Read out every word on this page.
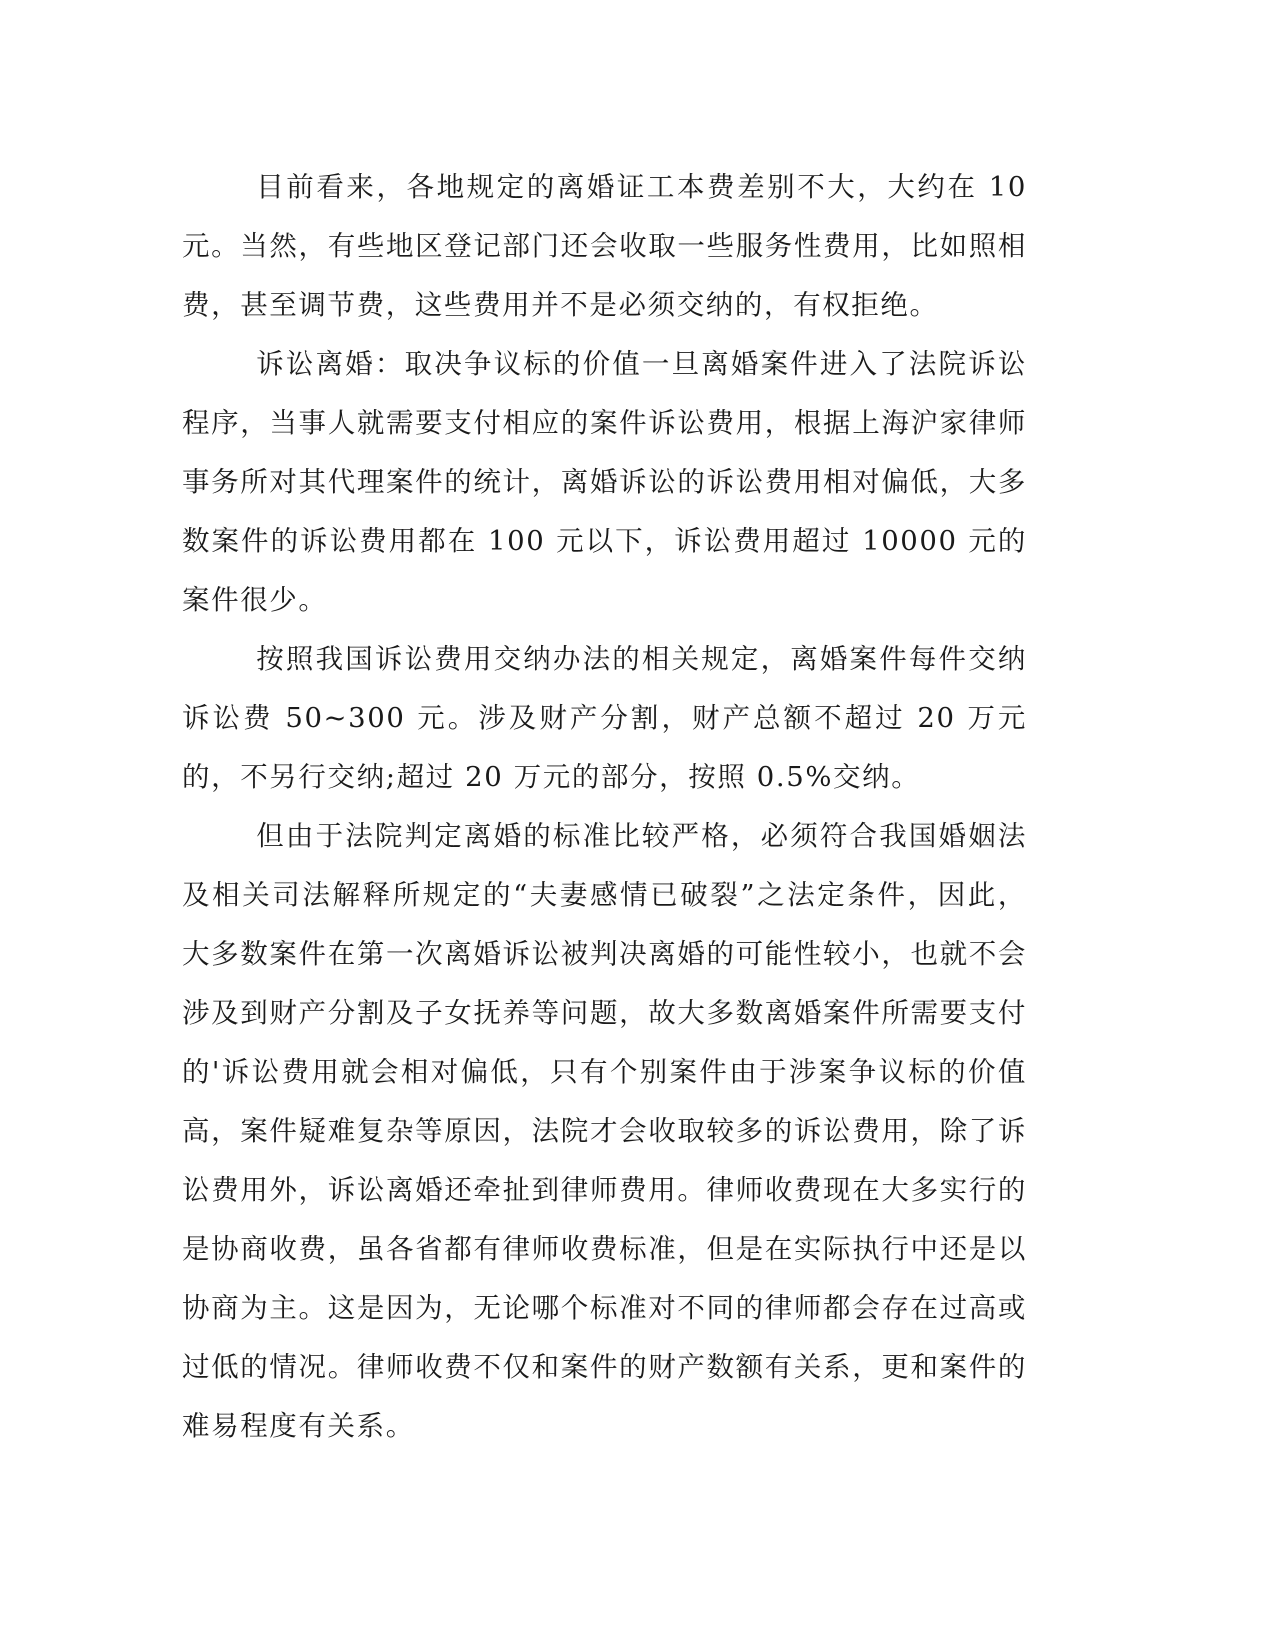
目前看来，各地规定的离婚证工本费差别不大，大约在 10 元。当然，有些地区登记部门还会收取一些服务性费用，比如照相费，甚至调节费，这些费用并不是必须交纳的，有权拒绝。

诉讼离婚：取决争议标的价值一旦离婚案件进入了法院诉讼程序，当事人就需要支付相应的案件诉讼费用，根据上海沪家律师事务所对其代理案件的统计，离婚诉讼的诉讼费用相对偏低，大多数案件的诉讼费用都在 100 元以下，诉讼费用超过 10000 元的案件很少。

按照我国诉讼费用交纳办法的相关规定，离婚案件每件交纳诉讼费 50~300 元。涉及财产分割，财产总额不超过 20 万元的，不另行交纳;超过 20 万元的部分，按照 0.5%交纳。

但由于法院判定离婚的标准比较严格，必须符合我国婚姻法及相关司法解释所规定的“夫妻感情已破裂”之法定条件，因此，大多数案件在第一次离婚诉讼被判决离婚的可能性较小，也就不会涉及到财产分割及子女抚养等问题，故大多数离婚案件所需要支付的'诉讼费用就会相对偏低，只有个别案件由于涉案争议标的价值高，案件疑难复杂等原因，法院才会收取较多的诉讼费用，除了诉讼费用外，诉讼离婚还牵扯到律师费用。律师收费现在大多实行的是协商收费，虽各省都有律师收费标准，但是在实际执行中还是以协商为主。这是因为，无论哪个标准对不同的律师都会存在过高或过低的情况。律师收费不仅和案件的财产数额有关系，更和案件的难易程度有关系。
